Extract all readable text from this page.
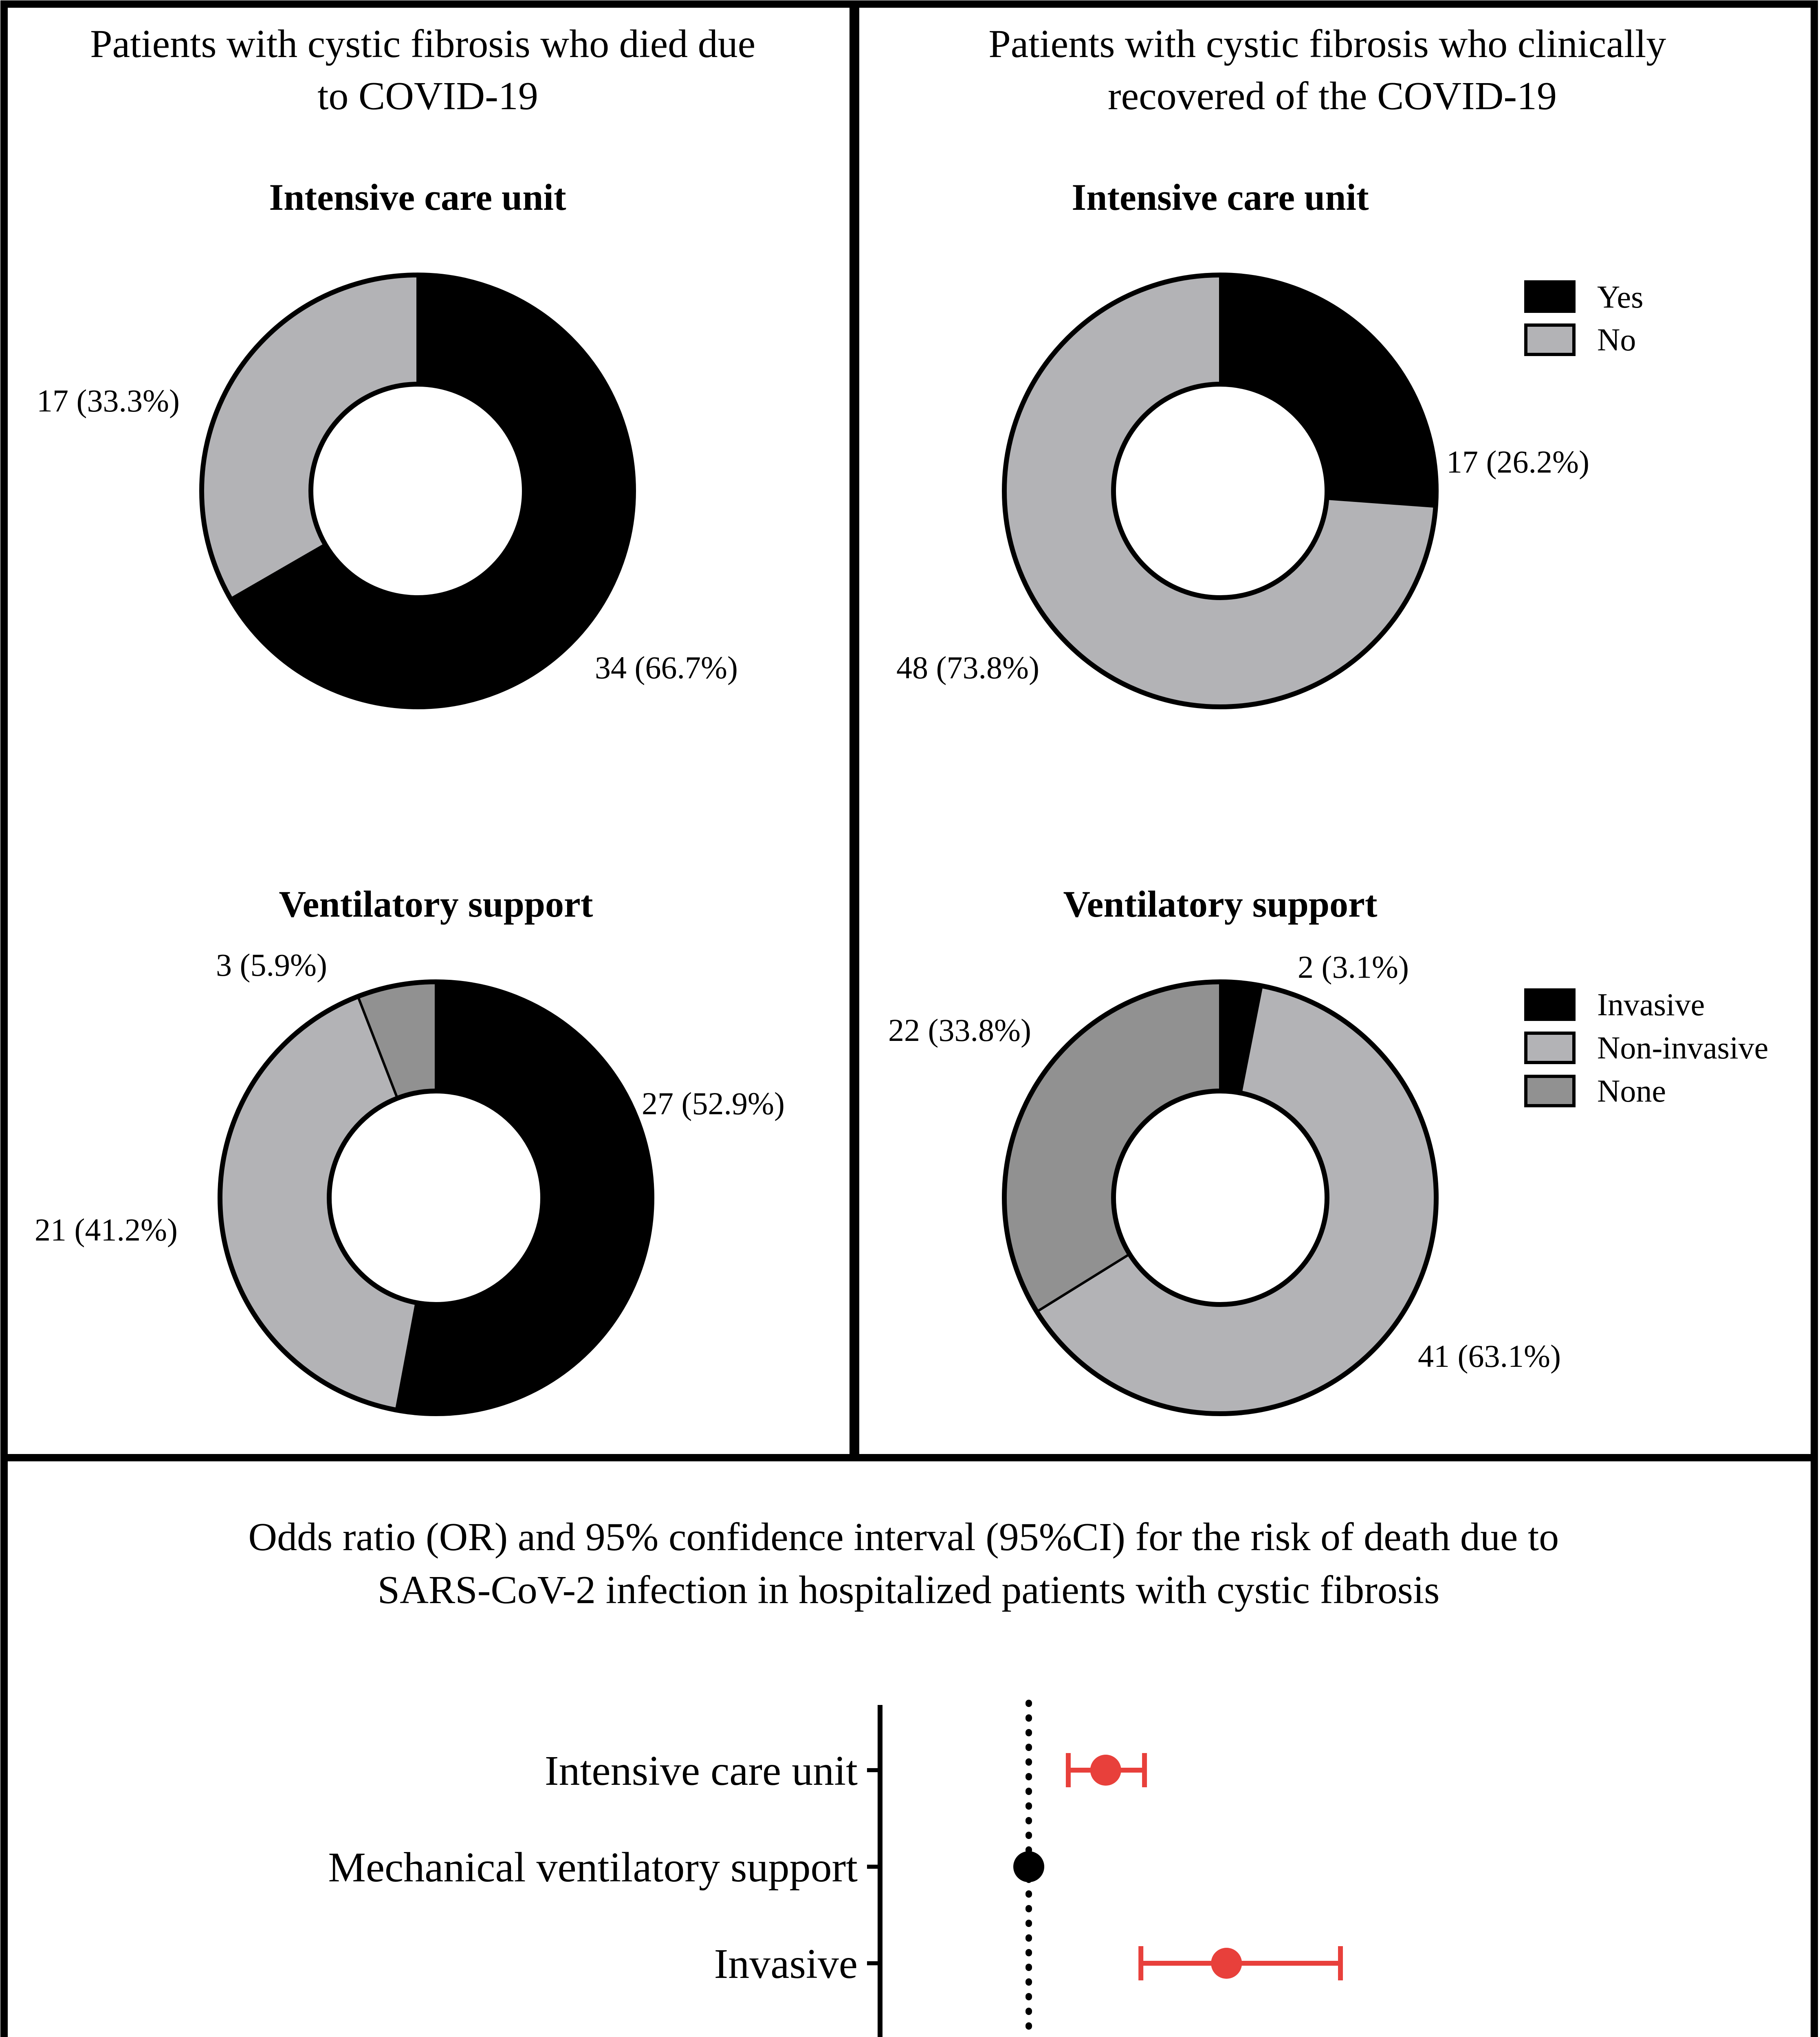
Patients with cystic fibrosis who died due to COVID-19
Patients with cystic fibrosis who clinically recovered of the COVID-19
Intensive care unit	Intensive care unit
Ventilatory support	Ventilatory support
34 (66.7%)
17 (33.3%)
17 (26.2%)
48 (73.8%)
27 (52.9%)
21 (41.2%)
3 (5.9%)	2 (3.1%)
41 (63.1%)
22 (33.8%)
Yes
No
Invasive
Non-invasive
None
Odds ratio (OR) and 95% confidence interval (95%CI) for the risk of death due to SARS-CoV-2 infection in hospitalized patients with cystic fibrosis
Intensive care unit
Mechanical ventilatory support
Invasive
